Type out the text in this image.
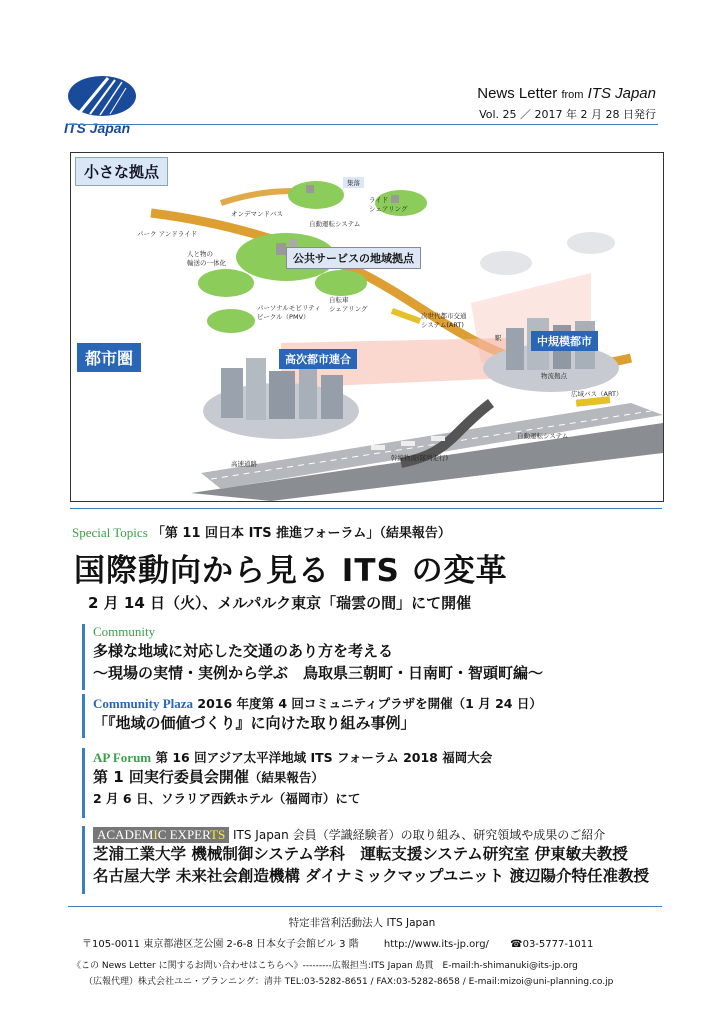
ITS Japan
News Letter from ITS Japan
Vol. 25 ／ 2017 年 2 月 28 日発行
小さな拠点
都市圏
公共サービスの地域拠点
高次都市連合
中規模都市
集落
ライド
シェアリング
オンデマンドバス
自動運転システム
パーク アンドライド
人と物の
輸送の一体化
自転車
シェアリング
パーソナルモビリティ
ビークル（PMV）	次世代都市交通
システム(ART)
駅
物流拠点
広域バス（ART）
自動運転システム
高速道路
幹線物流(隊列走行)
Special Topics 「第 11 回日本 ITS 推進フォーラム」（結果報告）
国際動向から見る ITS の変革
2 月 14 日（火）、メルパルク東京「瑞雲の間」にて開催
Community
多様な地域に対応した交通のあり方を考える
～現場の実情・実例から学ぶ　鳥取県三朝町・日南町・智頭町編～
Community Plaza 2016 年度第 4 回コミュニティプラザを開催（1 月 24 日）
「『地域の価値づくり』に向けた取り組み事例」
AP Forum 第 16 回アジア太平洋地域 ITS フォーラム 2018 福岡大会
第 1 回実行委員会開催（結果報告）
2 月 6 日、ソラリア西鉄ホテル（福岡市）にて
ACADEMIC EXPERTS ITS Japan 会員（学識経験者）の取り組み、研究領域や成果のご紹介
芝浦工業大学 機械制御システム学科　運転支援システム研究室 伊東敏夫教授
名古屋大学 未来社会創造機構 ダイナミックマップユニット 渡辺陽介特任准教授
特定非営利活動法人 ITS Japan
〒105-0011 東京都港区芝公園 2-6-8 日本女子会館ビル 3 階	http://www.its-jp.org/ ☎03-5777-1011
《この News Letter に関するお問い合わせはこちらへ》---------広報担当:ITS Japan 島貫　E-mail:h-shimanuki@its-jp.org
（広報代理）株式会社ユニ・プランニング：清井 TEL:03-5282-8651 / FAX:03-5282-8658 / E-mail:mizoi@uni-planning.co.jp
